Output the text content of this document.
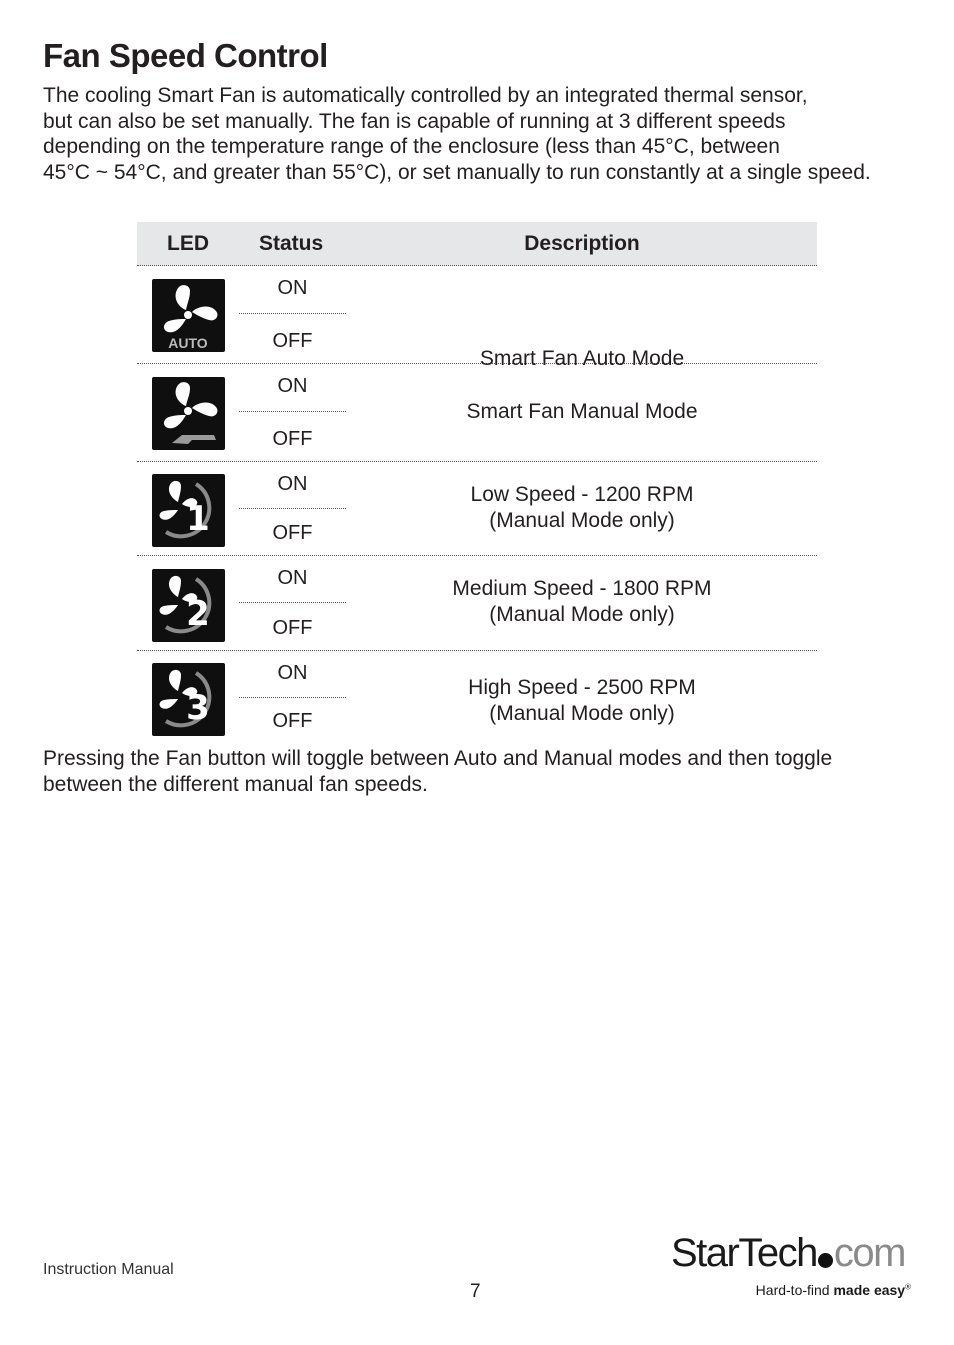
Fan Speed Control

The cooling Smart Fan is automatically controlled by an integrated thermal sensor,
but can also be set manually. The fan is capable of running at 3 different speeds
depending on the temperature range of the enclosure (less than 45°C, between
45°C ~ 54°C, and greater than 55°C), or set manually to run constantly at a single speed.

LED Status	Description
AUTO
ON
OFF
Smart Fan Auto Mode
ON
OFF
Smart Fan Manual Mode
1
ON
OFF
Low Speed - 1200 RPM
(Manual Mode only)
2
ON
OFF
Medium Speed - 1800 RPM
(Manual Mode only)
3
ON
OFF
High Speed - 2500 RPM
(Manual Mode only)

Pressing the Fan button will toggle between Auto and Manual modes and then toggle
between the different manual fan speeds.

Instruction Manual
7
StarTech com
Hard-to-find made easy®
